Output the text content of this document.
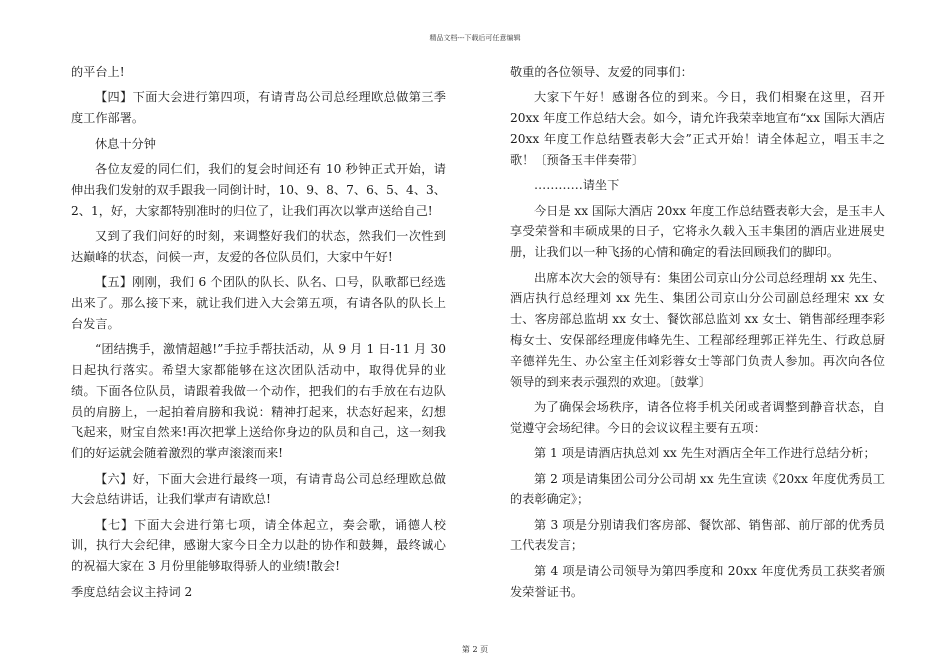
精品文档---下载后可任意编辑

的平台上!

【四】下面大会进行第四项，有请青岛公司总经理欧总做第三季度工作部署。

休息十分钟

各位友爱的同仁们，我们的复会时间还有 10 秒钟正式开始，请伸出我们发射的双手跟我一同倒计时，10、9、8、7、6、5、4、3、2、1，好，大家都特别准时的归位了，让我们再次以掌声送给自己!

又到了我们问好的时刻，来调整好我们的状态，然我们一次性到达巅峰的状态，问候一声，友爱的各位队员们，大家中午好!

【五】刚刚，我们 6 个团队的队长、队名、口号，队歌都已经选出来了。那么接下来，就让我们进入大会第五项，有请各队的队长上台发言。

“团结携手，激情超越!”手拉手帮扶活动，从 9 月 1 日-11 月 30 日起执行落实。希望大家都能够在这次团队活动中，取得优异的业绩。下面各位队员，请跟着我做一个动作，把我们的右手放在右边队员的肩膀上，一起拍着肩膀和我说：精神打起来，状态好起来，幻想飞起来，财宝自然来!再次把掌上送给你身边的队员和自己，这一刻我们的好运就会随着激烈的掌声滚滚而来!

【六】好，下面大会进行最终一项，有请青岛公司总经理欧总做大会总结讲话，让我们掌声有请欧总!

【七】下面大会进行第七项，请全体起立，奏会歌，诵德人校训，执行大会纪律，感谢大家今日全力以赴的协作和鼓舞，最终诚心的祝福大家在 3 月份里能够取得骄人的业绩!散会!

季度总结会议主持词 2

敬重的各位领导、友爱的同事们：

大家下午好！感谢各位的到来。今日，我们相聚在这里，召开 20xx 年度工作总结大会。如今，请允许我荣幸地宣布“xx 国际大酒店 20xx 年度工作总结暨表彰大会”正式开始！请全体起立，唱玉丰之歌！〔预备玉丰伴奏带〕

…………请坐下

今日是 xx 国际大酒店 20xx 年度工作总结暨表彰大会，是玉丰人享受荣誉和丰硕成果的日子，它将永久载入玉丰集团的酒店业进展史册，让我们以一种飞扬的心情和确定的看法回顾我们的脚印。

出席本次大会的领导有：集团公司京山分公司总经理胡 xx 先生、酒店执行总经理刘 xx 先生、集团公司京山分公司副总经理宋 xx 女士、客房部总监胡 xx 女士、餐饮部总监刘 xx 女士、销售部经理李彩梅女士、安保部经理庞伟峰先生、工程部经理郭正祥先生、行政总厨辛德祥先生、办公室主任刘彩蓉女士等部门负责人参加。再次向各位领导的到来表示强烈的欢迎。〔鼓掌〕

为了确保会场秩序，请各位将手机关闭或者调整到静音状态，自觉遵守会场纪律。今日的会议议程主要有五项：

第 1 项是请酒店执总刘 xx 先生对酒店全年工作进行总结分析；

第 2 项是请集团公司分公司胡 xx 先生宣读《20xx 年度优秀员工的表彰确定》；

第 3 项是分别请我们客房部、餐饮部、销售部、前厅部的优秀员工代表发言；

第 4 项是请公司领导为第四季度和 20xx 年度优秀员工获奖者颁发荣誉证书。

第 2 页
